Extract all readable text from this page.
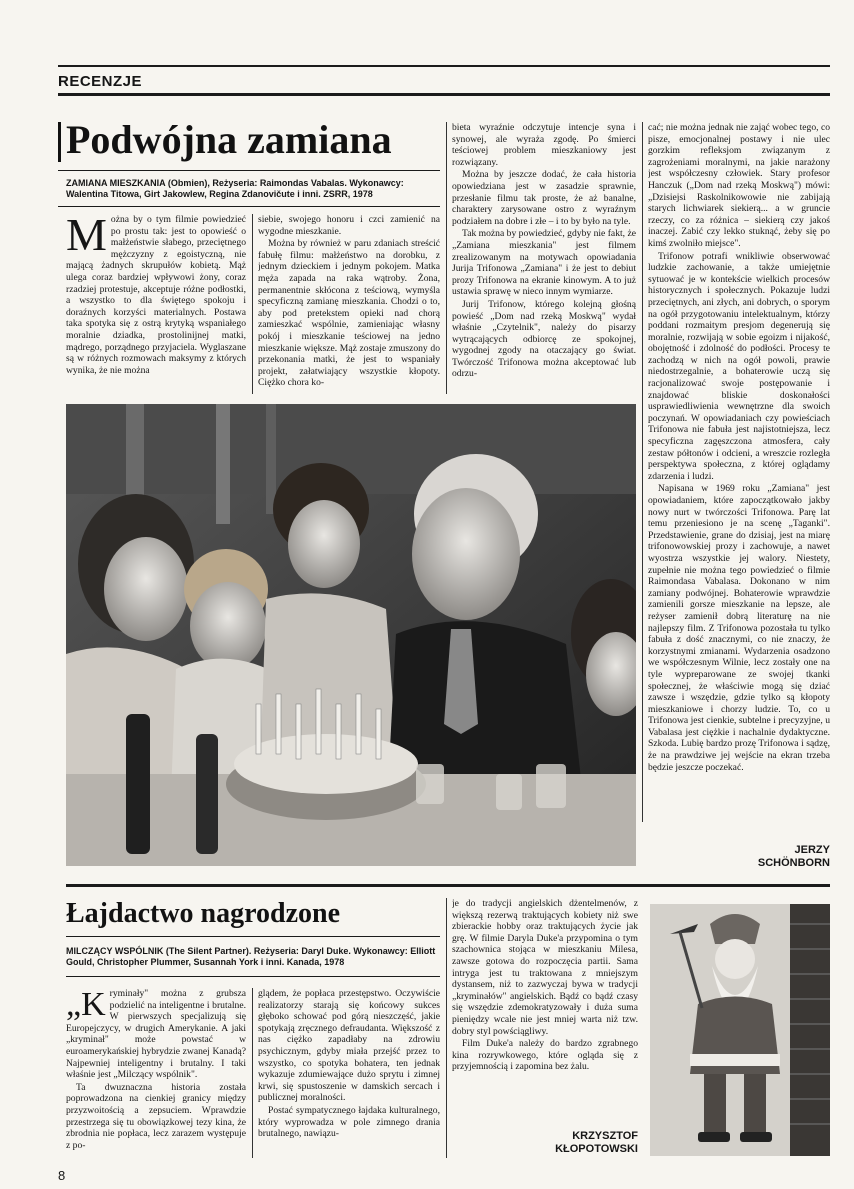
RECENZJE
Podwójna zamiana
ZAMIANA MIESZKANIA (Obmien), Reżyseria: Raimondas Vabalas. Wykonawcy: Walentina Titowa, Girt Jakowlew, Regina Zdanovičute i inni. ZSRR, 1978

Można by o tym filmie powiedzieć po prostu tak: jest to opowieść o małżeństwie słabego, przeciętnego mężczyzny z egoistyczną, nie mającą żadnych skrupułów kobietą. Mąż ulega coraz bardziej wpływowi żony, coraz rzadziej protestuje, akceptuje różne podłostki, a wszystko to dla świętego spokoju i doraźnych korzyści materialnych. Postawa taka spotyka się z ostrą krytyką wspaniałego moralnie dziadka, prostolinijnej matki, mądrego, porządnego przyjaciela. Wyglaszane są w różnych rozmowach maksymy z których wynika, że nie można

siebie, swojego honoru i czci zamienić na wygodne mieszkanie.

Można by również w paru zdaniach streścić fabułę filmu: małżeństwo na dorobku, z jednym dzieckiem i jednym pokojem. Matka męża zapada na raka wątroby. Żona, permanentnie skłócona z teściową, wymyśla specyficzną zamianę mieszkania. Chodzi o to, aby pod pretekstem opieki nad chorą zamieszkać wspólnie, zamieniając własny pokój i mieszkanie teściowej na jedno mieszkanie większe. Mąż zostaje zmuszony do przekonania matki, że jest to wspaniały projekt, załatwiający wszystkie kłopoty. Ciężko chora ko-

bieta wyraźnie odczytuje intencje syna i synowej, ale wyraża zgodę. Po śmierci teściowej problem mieszkaniowy jest rozwiązany.

Można by jeszcze dodać, że cała historia opowiedziana jest w zasadzie sprawnie, przesłanie filmu tak proste, że aż banalne, charaktery zarysowane ostro z wyraźnym podziałem na dobre i złe – i to by było na tyle.

Tak można by powiedzieć, gdyby nie fakt, że „Zamiana mieszkania" jest filmem zrealizowanym na motywach opowiadania Jurija Trifonowa „Zamiana" i że jest to debiut prozy Trifonowa na ekranie kinowym. A to już ustawia sprawę w nieco innym wymiarze.

Jurij Trifonow, którego kolejną głośną powieść „Dom nad rzeką Moskwą" wydał właśnie „Czytelnik", należy do pisarzy wytrącających odbiorcę ze spokojnej, wygodnej zgody na otaczający go świat. Twórczość Trifonowa można akceptować lub odrzu-

cać; nie można jednak nie zająć wobec tego, co pisze, emocjonalnej postawy i nie ulec gorzkim refleksjom związanym z zagrożeniami moralnymi, na jakie narażony jest współczesny człowiek. Stary profesor Hanczuk („Dom nad rzeką Moskwą") mówi: „Dzisiejsi Raskolnikowowie nie zabijają starych lichwiarek siekierą... a w gruncie rzeczy, co za różnica – siekierą czy jakoś inaczej. Zabić czy lekko stuknąć, żeby się po kimś zwolniło miejsce".

Trifonow potrafi wnikliwie obserwować ludzkie zachowanie, a także umiejętnie sytuować je w kontekście wielkich procesów historycznych i społecznych. Pokazuje ludzi przeciętnych, ani złych, ani dobrych, o sporym na ogół przygotowaniu intelektualnym, którzy poddani rozmaitym presjom degenerują się moralnie, rozwijają w sobie egoizm i nijakość, obojętność i zdolność do podłości. Procesy te zachodzą w nich na ogół powoli, prawie niedostrzegalnie, a bohaterowie uczą się racjonalizować swoje postępowanie i znajdować bliskie doskonałości usprawiedliwienia wewnętrzne dla swoich poczynań. W opowiadaniach czy powieściach Trifonowa nie fabuła jest najistotniejsza, lecz specyficzna zagęszczona atmosfera, cały zestaw półtonów i odcieni, a wreszcie rozległa perspektywa społeczna, z której oglądamy zdarzenia i ludzi.

Napisana w 1969 roku „Zamiana" jest opowiadaniem, które zapoczątkowało jakby nowy nurt w twórczości Trifonowa. Parę lat temu przeniesiono je na scenę „Taganki". Przedstawienie, grane do dzisiaj, jest na miarę trifonowowskiej prozy i zachowuje, a nawet wyostrza wszystkie jej walory. Niestety, zupełnie nie można tego powiedzieć o filmie Raimondasa Vabalasa. Dokonano w nim zamiany podwójnej. Bohaterowie wprawdzie zamienili gorsze mieszkanie na lepsze, ale reżyser zamienił dobrą literaturę na nie najlepszy film. Z Trifonowa pozostała tu tylko fabuła z dość znacznymi, co nie znaczy, że korzystnymi zmianami. Wydarzenia osadzono we współczesnym Wilnie, lecz zostały one na tyle wypreparowane ze swojej tkanki społecznej, że właściwie mogą się dziać zawsze i wszędzie, gdzie tylko są kłopoty mieszkaniowe i chorzy ludzie. To, co u Trifonowa jest cienkie, subtelne i precyzyjne, u Vabalasa jest ciężkie i nachalnie dydaktyczne. Szkoda. Lubię bardzo prozę Trifonowa i sądzę, że na prawdziwe jej wejście na ekran trzeba będzie jeszcze poczekać.

JERZY
SCHÖNBORN
Łajdactwo nagrodzone
MILCZĄCY WSPÓLNIK (The Silent Partner). Reżyseria: Daryl Duke. Wykonawcy: Elliott Gould, Christopher Plummer, Susannah York i inni. Kanada, 1978

„Kryminały" można z grubsza podzielić na inteligentne i brutalne. W pierwszych specjalizują się Europejczycy, w drugich Amerykanie. A jaki „kryminał" może powstać w euroamerykańskiej hybrydzie zwanej Kanadą? Najpewniej inteligentny i brutalny. I taki właśnie jest „Milczący wspólnik".

Ta dwuznaczna historia została poprowadzona na cienkiej granicy między przyzwoitością a zepsuciem. Wprawdzie przestrzega się tu obowiązkowej tezy kina, że zbrodnia nie popłaca, lecz zarazem występuje z po-

glądem, że popłaca przestępstwo. Oczywiście realizatorzy starają się końcowy sukces głęboko schować pod górą nieszczęść, jakie spotykają zręcznego defraudanta. Większość z nas ciężko zapadłaby na zdrowiu psychicznym, gdyby miała przejść przez to wszystko, co spotyka bohatera, ten jednak wykazuje zdumiewające dużo sprytu i zimnej krwi, się spustoszenie w damskich sercach i publicznej moralności.

Postać sympatycznego łajdaka kulturalnego, który wyprowadza w pole zimnego drania brutalnego, nawiązu-

je do tradycji angielskich dżentelmenów, z większą rezerwą traktujących kobiety niż swe zbierackie hobby oraz traktujących życie jak grę. W filmie Daryla Duke'a przypomina o tym szachownica stojąca w mieszkaniu Milesa, zawsze gotowa do rozpoczęcia partii. Sama intryga jest tu traktowana z mniejszym dystansem, niż to zazwyczaj bywa w tradycji „kryminałów" angielskich. Bądź co bądź czasy się wszędzie zdemokratyzowały i duża suma pieniędzy wcale nie jest mniej warta niż tzw. dobry styl powściągliwy.

Film Duke'a należy do bardzo zgrabnego kina rozrywkowego, które ogląda się z przyjemnością i zapomina bez żalu.

KRZYSZTOF
KŁOPOTOWSKI
8
